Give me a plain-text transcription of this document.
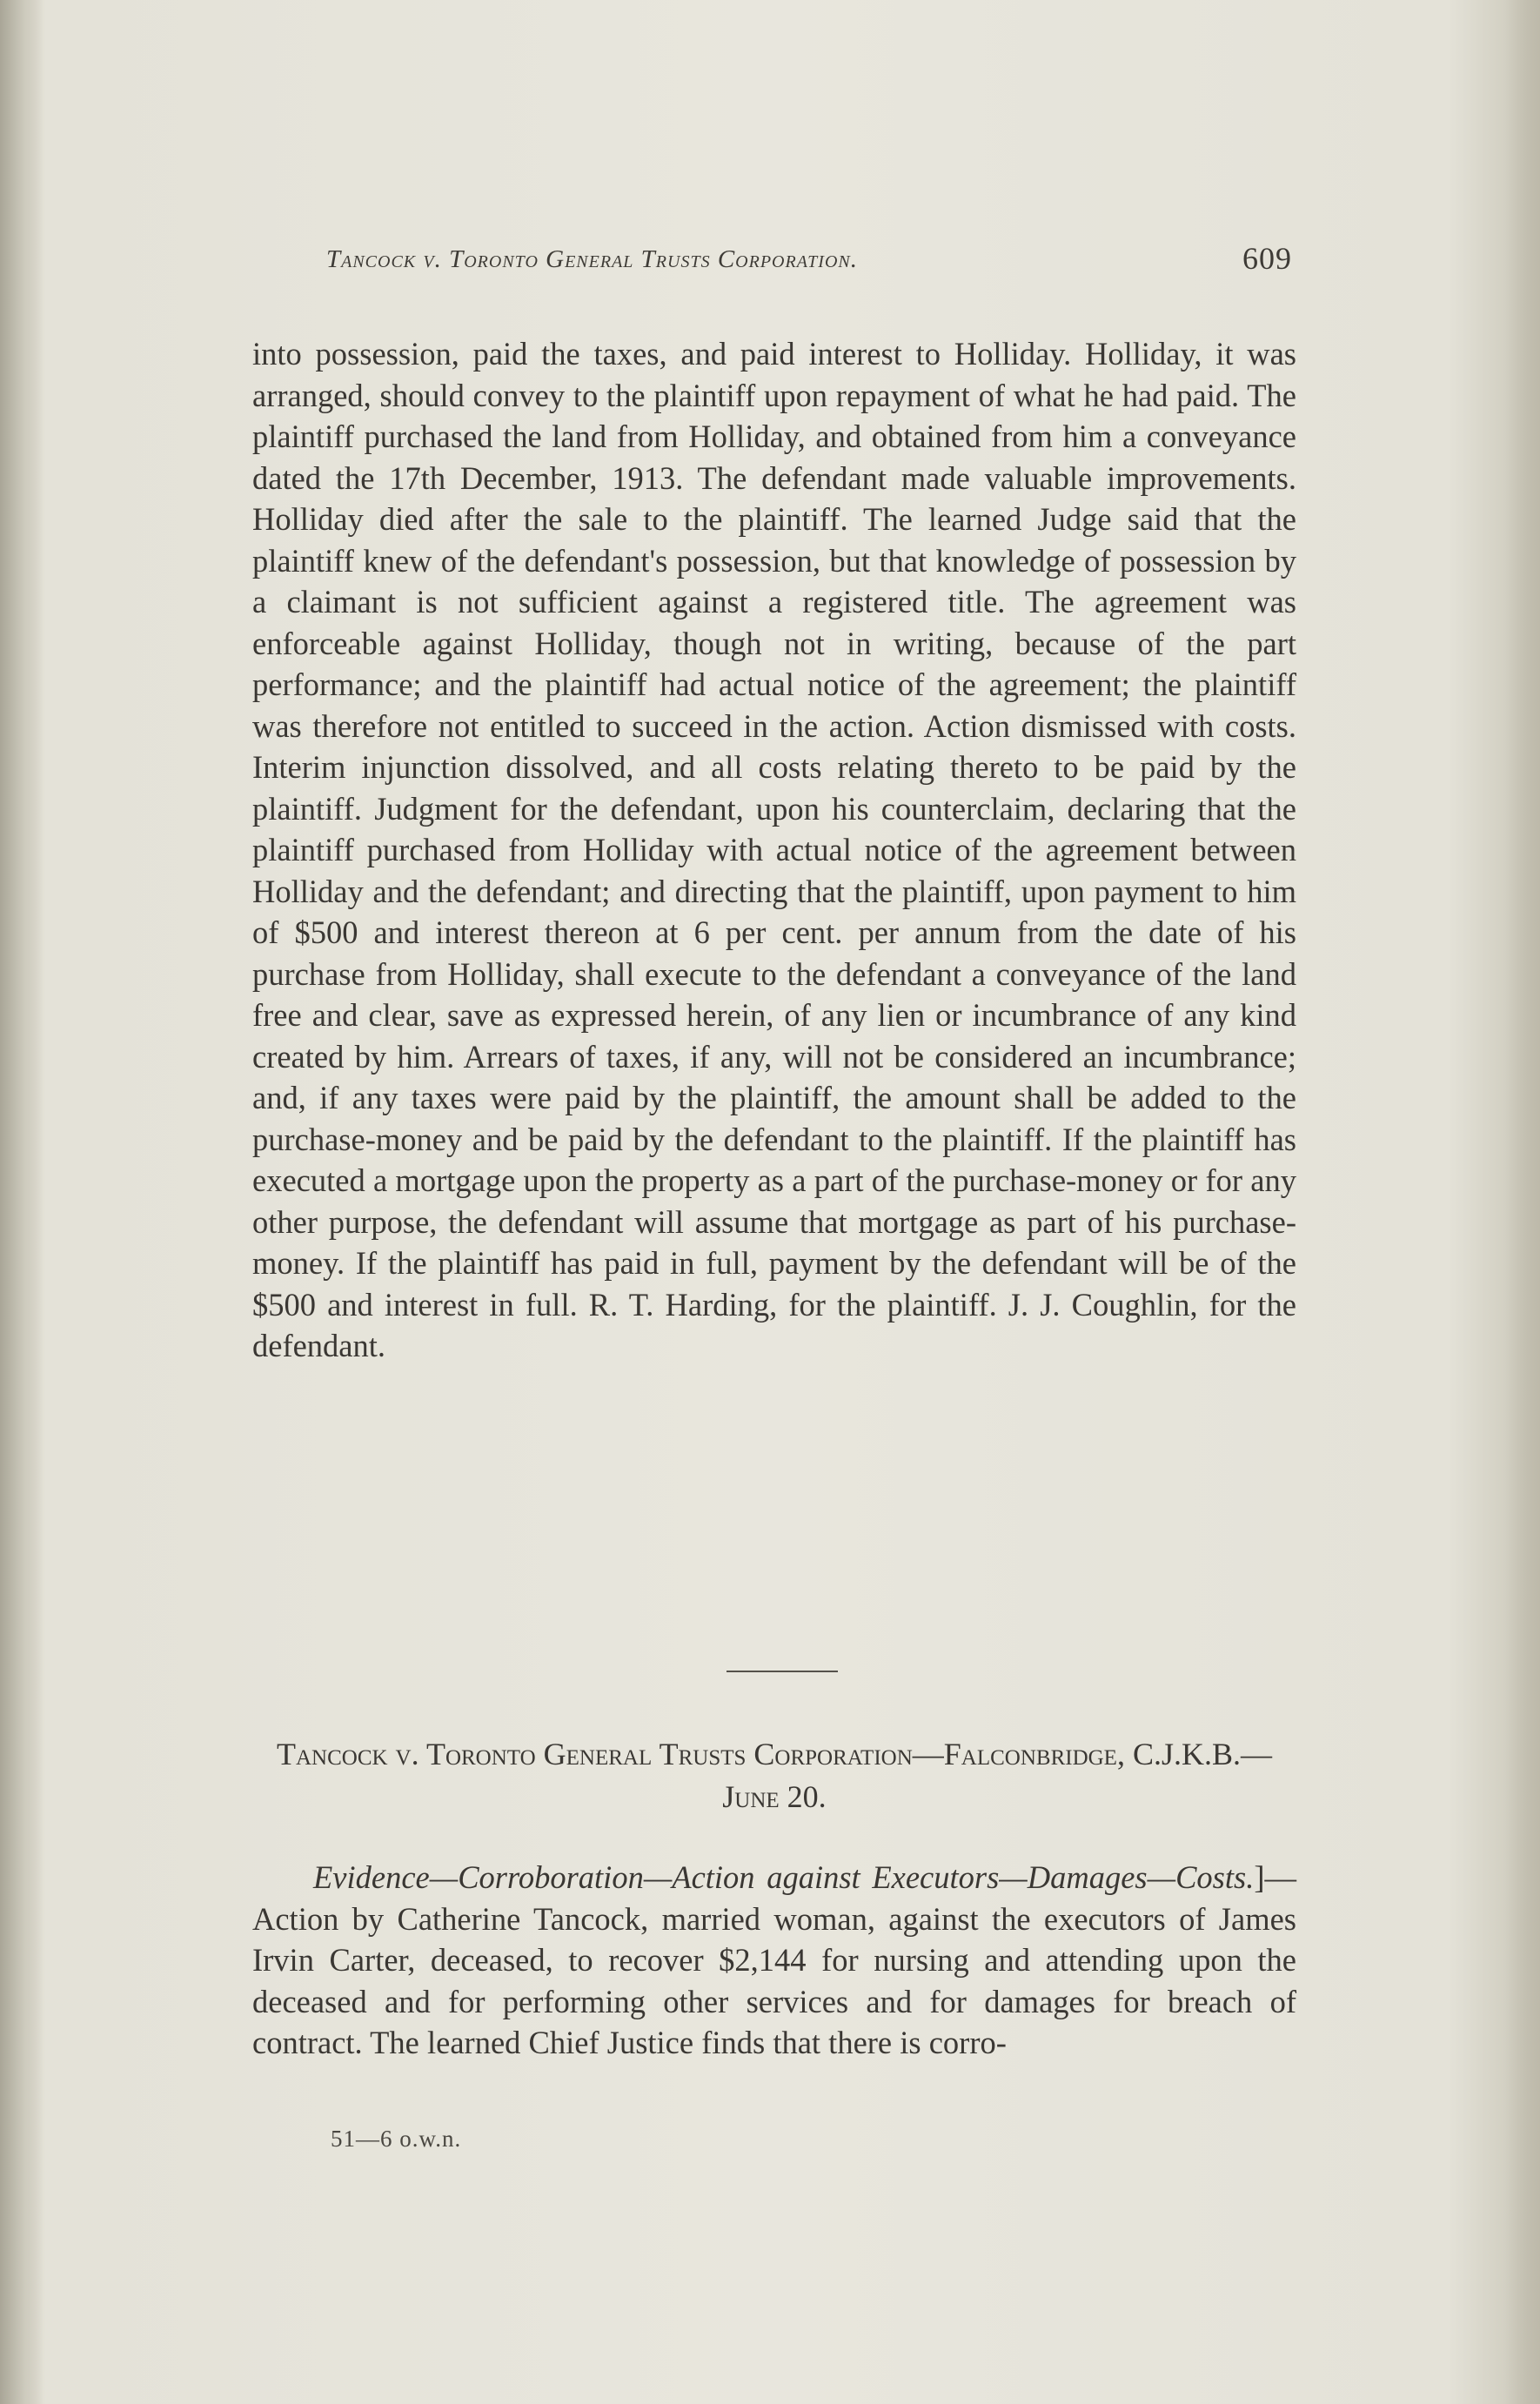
Tancock v. Toronto General Trusts Corporation.	609

into possession, paid the taxes, and paid interest to Holliday. Holliday, it was arranged, should convey to the plaintiff upon repayment of what he had paid. The plaintiff purchased the land from Holliday, and obtained from him a conveyance dated the 17th December, 1913. The defendant made valuable improvements. Holliday died after the sale to the plaintiff. The learned Judge said that the plaintiff knew of the defendant's possession, but that knowledge of possession by a claimant is not sufficient against a registered title. The agreement was enforceable against Holliday, though not in writing, because of the part performance; and the plaintiff had actual notice of the agreement; the plaintiff was therefore not entitled to succeed in the action. Action dismissed with costs. Interim injunction dissolved, and all costs relating thereto to be paid by the plaintiff. Judgment for the defendant, upon his counterclaim, declaring that the plaintiff purchased from Holliday with actual notice of the agreement between Holliday and the defendant; and directing that the plaintiff, upon payment to him of $500 and interest thereon at 6 per cent. per annum from the date of his purchase from Holliday, shall execute to the defendant a conveyance of the land free and clear, save as expressed herein, of any lien or incumbrance of any kind created by him. Arrears of taxes, if any, will not be considered an incumbrance; and, if any taxes were paid by the plaintiff, the amount shall be added to the purchase-money and be paid by the defendant to the plaintiff. If the plaintiff has executed a mortgage upon the property as a part of the purchase-money or for any other purpose, the defendant will assume that mortgage as part of his purchase-money. If the plaintiff has paid in full, payment by the defendant will be of the $500 and interest in full. R. T. Harding, for the plaintiff. J. J. Coughlin, for the defendant.

Tancock v. Toronto General Trusts Corporation—Falconbridge, C.J.K.B.—June 20.

Evidence—Corroboration—Action against Executors—Damages—Costs.]—Action by Catherine Tancock, married woman, against the executors of James Irvin Carter, deceased, to recover $2,144 for nursing and attending upon the deceased and for performing other services and for damages for breach of contract. The learned Chief Justice finds that there is corro-

51—6 o.w.n.
